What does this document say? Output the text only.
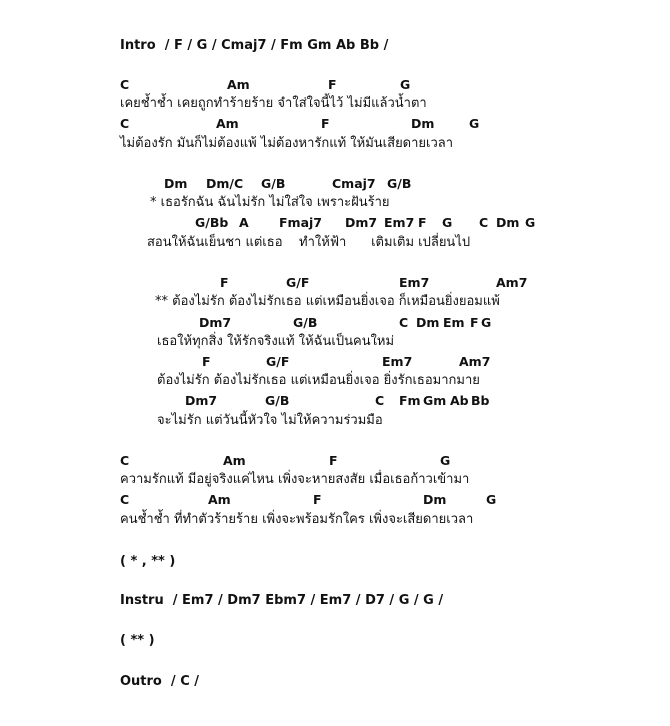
Intro  / F / G / Cmaj7 / Fm Gm Ab Bb /
C	Am	F	G
เคยช้ำช้ำ เคยถูกทำร้ายร้าย จำใส่ใจนี้ไว้ ไม่มีแล้วน้ำตา
C	Am	F	Dm	G
ไม่ต้องรัก มันก็ไม่ต้องแพ้ ไม่ต้องหารักแท้ ให้มันเสียดายเวลา
Dm Dm/C G/B	Cmaj7 G/B
* เธอรักฉัน ฉันไม่รัก ไม่ใส่ใจ เพราะฝันร้าย
G/Bb A Fmaj7 Dm7 Em7 F G C Dm G
สอนให้ฉันเย็นชา แต่เธอ    ทำให้ฟ้า      เติมเติม เปลี่ยนไป
F	G/F	Em7	Am7
** ต้องไม่รัก ต้องไม่รักเธอ แต่เหมือนยิ่งเจอ ก็เหมือนยิ่งยอมแพ้
Dm7	G/B	C Dm Em F G
เธอให้ทุกสิ่ง ให้รักจริงแท้ ให้ฉันเป็นคนใหม่
F	G/F	Em7	Am7
ต้องไม่รัก ต้องไม่รักเธอ แต่เหมือนยิ่งเจอ ยิ่งรักเธอมากมาย
Dm7	G/B	C Fm Gm Ab Bb
จะไม่รัก แต่วันนี้หัวใจ ไม่ให้ความร่วมมือ
C	Am	F	G
ความรักแท้ มีอยู่จริงแค่ไหน เพิ่งจะหายสงสัย เมื่อเธอก้าวเข้ามา
C	Am	F	Dm	G
คนช้ำช้ำ ที่ทำตัวร้ายร้าย เพิ่งจะพร้อมรักใคร เพิ่งจะเสียดายเวลา
( * , ** )
Instru  / Em7 / Dm7 Ebm7 / Em7 / D7 / G / G /
( ** )
Outro  / C /
